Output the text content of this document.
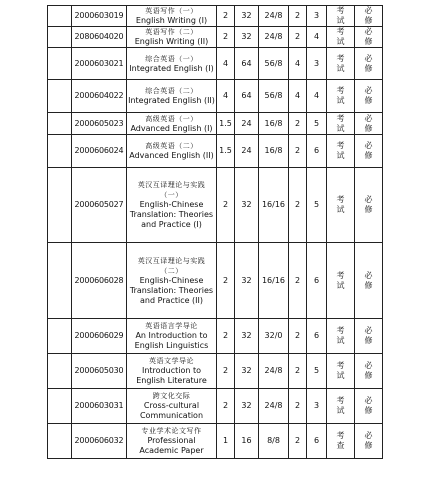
	2000603019	英语写作（一）
English Writing (I)	2	32	24/8	2	3	考试	必修

	2080604020	英语写作（二）
English Writing (II)	2	32	24/8	2	4	考试	必修

	2000603021	综合英语（一）
Integrated English (I)	4	64	56/8	4	3	考试	必修

	2000604022	综合英语（二）
Integrated English (II)	4	64	56/8	4	4	考试	必修

	2000605023	高级英语（一）
Advanced English (I)	1.5	24	16/8	2	5	考试	必修

	2000606024	高级英语（二）
Advanced English (II)	1.5	24	16/8	2	6	考试	必修

	2000605027	英汉互译理论与实践（一）
English-Chinese Translation: Theories and Practice (I)	2	32	16/16	2	5	考试	必修

	2000606028	英汉互译理论与实践（二）
English-Chinese Translation: Theories and Practice (II)	2	32	16/16	2	6	考试	必修

	2000606029	英语语言学导论
An Introduction to English Linguistics	2	32	32/0	2	6	考试	必修

	2000605030	英语文学导论
Introduction to English Literature	2	32	24/8	2	5	考试	必修

	2000603031	跨文化交际
Cross-cultural Communication	2	32	24/8	2	3	考试	必修

	2000606032	专业学术论文写作
Professional Academic Paper	1	16	8/8	2	6	考查	必修
